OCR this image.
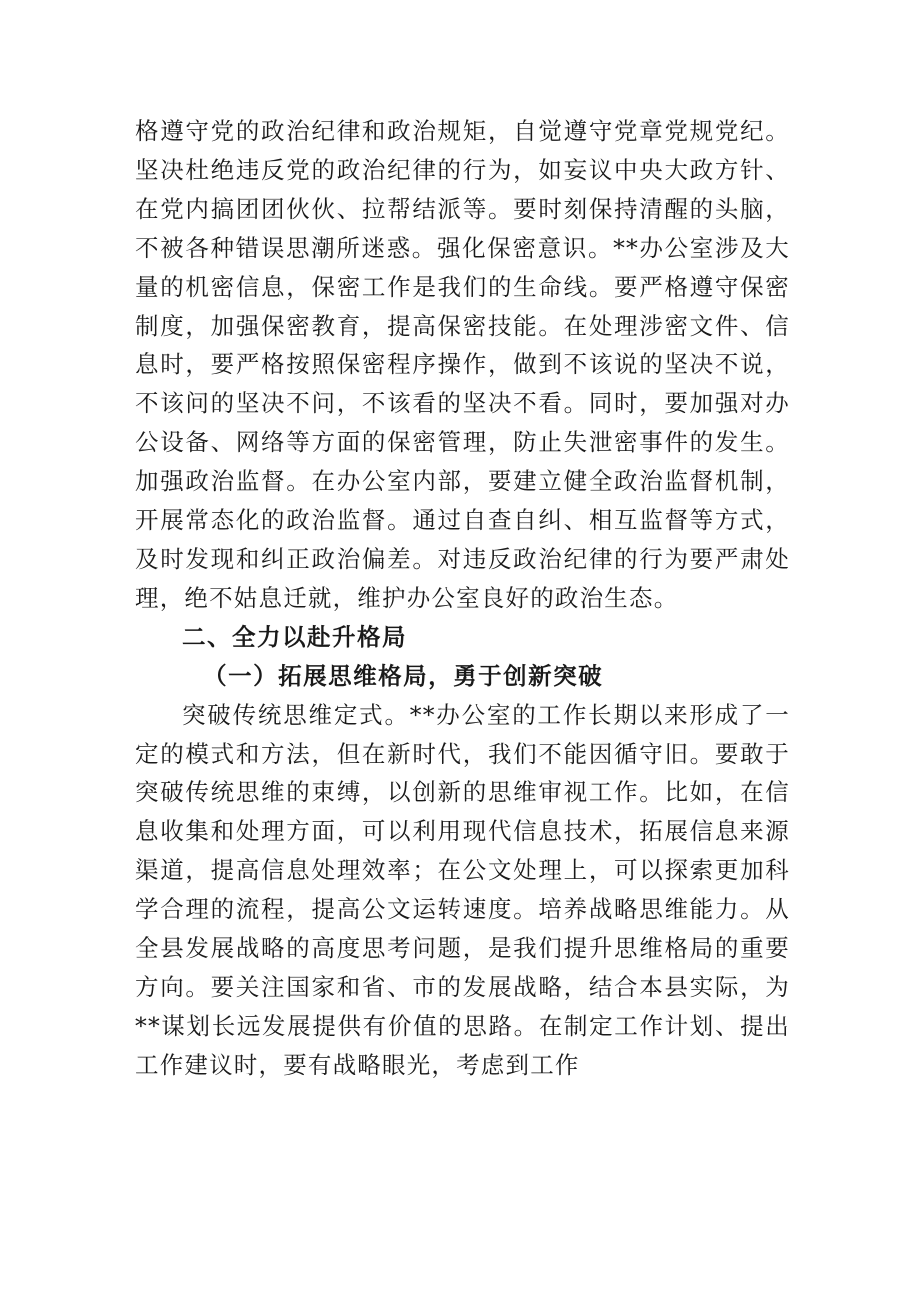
格遵守党的政治纪律和政治规矩，自觉遵守党章党规党纪。坚决杜绝违反党的政治纪律的行为，如妄议中央大政方针、在党内搞团团伙伙、拉帮结派等。要时刻保持清醒的头脑，不被各种错误思潮所迷惑。强化保密意识。**办公室涉及大量的机密信息，保密工作是我们的生命线。要严格遵守保密制度，加强保密教育，提高保密技能。在处理涉密文件、信息时，要严格按照保密程序操作，做到不该说的坚决不说，不该问的坚决不问，不该看的坚决不看。同时，要加强对办公设备、网络等方面的保密管理，防止失泄密事件的发生。加强政治监督。在办公室内部，要建立健全政治监督机制，开展常态化的政治监督。通过自查自纠、相互监督等方式，及时发现和纠正政治偏差。对违反政治纪律的行为要严肃处理，绝不姑息迁就，维护办公室良好的政治生态。

二、全力以赴升格局

（一）拓展思维格局，勇于创新突破

突破传统思维定式。**办公室的工作长期以来形成了一定的模式和方法，但在新时代，我们不能因循守旧。要敢于突破传统思维的束缚，以创新的思维审视工作。比如，在信息收集和处理方面，可以利用现代信息技术，拓展信息来源渠道，提高信息处理效率；在公文处理上，可以探索更加科学合理的流程，提高公文运转速度。培养战略思维能力。从全县发展战略的高度思考问题，是我们提升思维格局的重要方向。要关注国家和省、市的发展战略，结合本县实际，为**谋划长远发展提供有价值的思路。在制定工作计划、提出工作建议时，要有战略眼光，考虑到工作
